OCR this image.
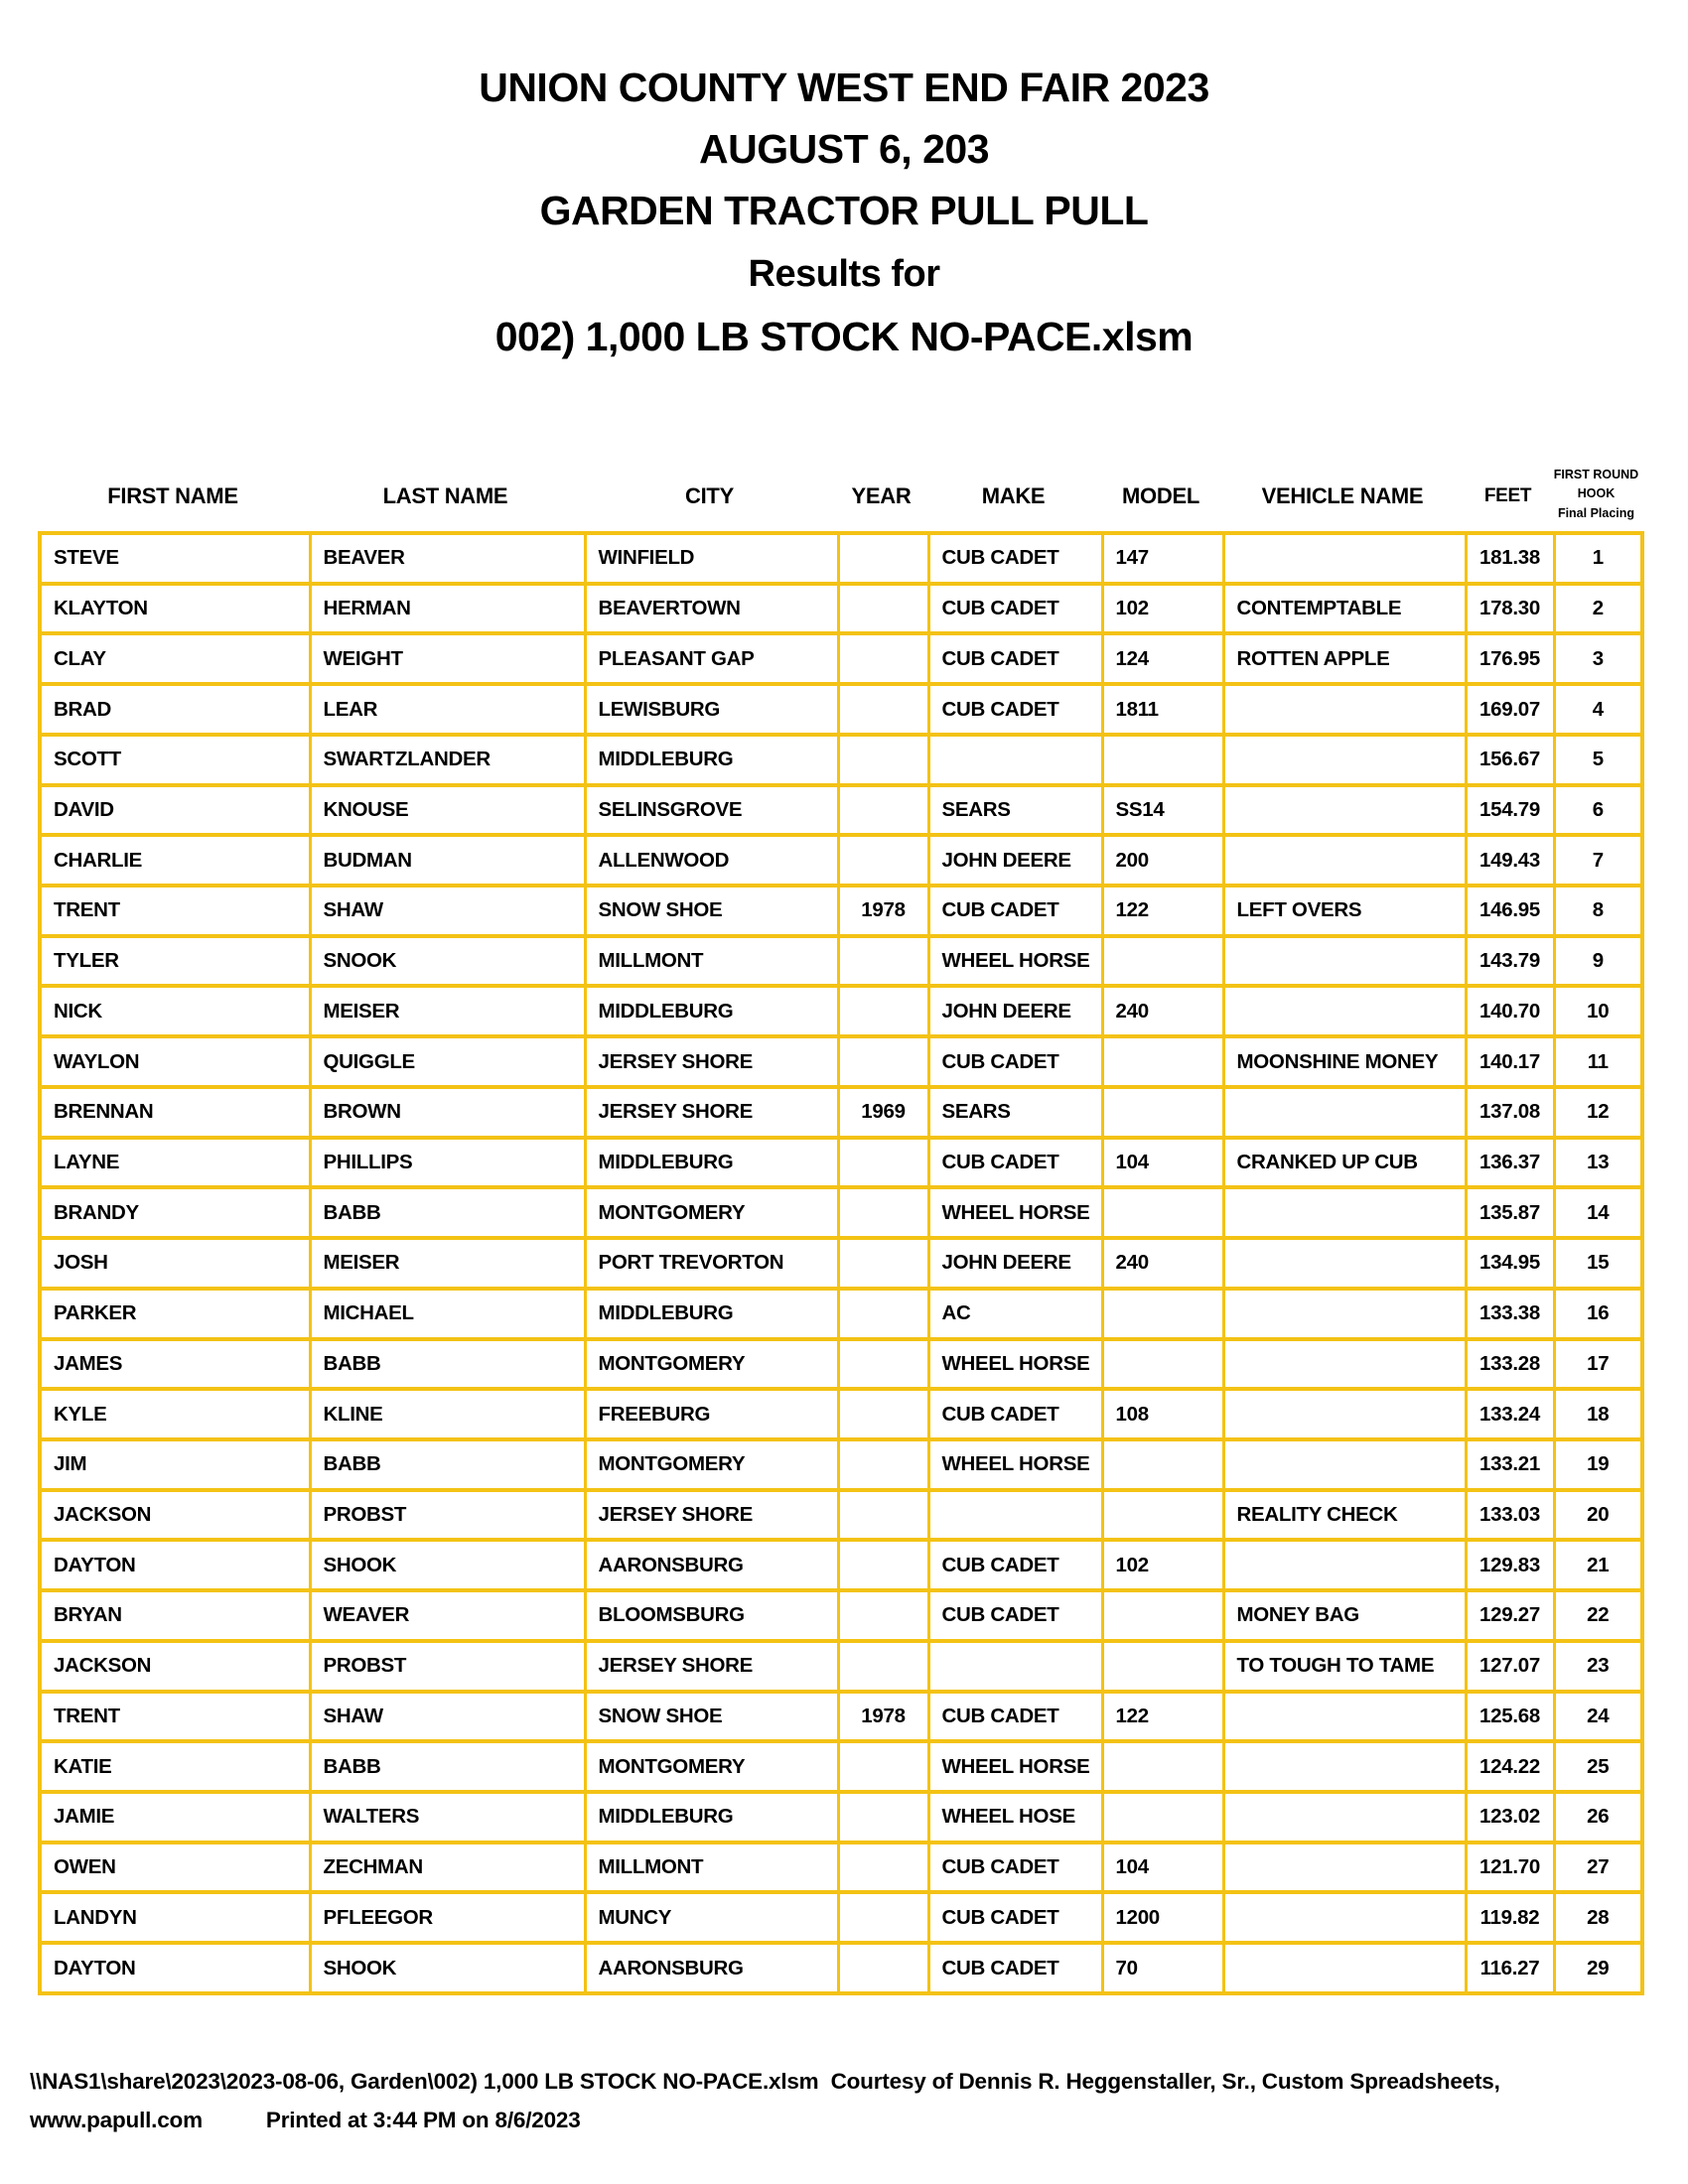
UNION COUNTY WEST END FAIR 2023
AUGUST 6, 203
GARDEN TRACTOR PULL PULL
Results for
002) 1,000 LB STOCK NO-PACE.xlsm
FIRST NAME	LAST NAME	CITY	YEAR	MAKE	MODEL	VEHICLE NAME	FEET
FIRST ROUND
HOOK
Final Placing
STEVE	BEAVER	WINFIELD		CUB CADET	147		181.38	1
KLAYTON	HERMAN	BEAVERTOWN		CUB CADET	102	CONTEMPTABLE	178.30	2
CLAY	WEIGHT	PLEASANT GAP		CUB CADET	124	ROTTEN APPLE	176.95	3
BRAD	LEAR	LEWISBURG		CUB CADET	1811		169.07	4
SCOTT	SWARTZLANDER	MIDDLEBURG					156.67	5
DAVID	KNOUSE	SELINSGROVE		SEARS	SS14		154.79	6
CHARLIE	BUDMAN	ALLENWOOD		JOHN DEERE	200		149.43	7
TRENT	SHAW	SNOW SHOE	1978	CUB CADET	122	LEFT OVERS	146.95	8
TYLER	SNOOK	MILLMONT		WHEEL HORSE			143.79	9
NICK	MEISER	MIDDLEBURG		JOHN DEERE	240		140.70	10
WAYLON	QUIGGLE	JERSEY SHORE		CUB CADET		MOONSHINE MONEY	140.17	11
BRENNAN	BROWN	JERSEY SHORE	1969	SEARS			137.08	12
LAYNE	PHILLIPS	MIDDLEBURG		CUB CADET	104	CRANKED UP CUB	136.37	13
BRANDY	BABB	MONTGOMERY		WHEEL HORSE			135.87	14
JOSH	MEISER	PORT TREVORTON		JOHN DEERE	240		134.95	15
PARKER	MICHAEL	MIDDLEBURG		AC			133.38	16
JAMES	BABB	MONTGOMERY		WHEEL HORSE			133.28	17
KYLE	KLINE	FREEBURG		CUB CADET	108		133.24	18
JIM	BABB	MONTGOMERY		WHEEL HORSE			133.21	19
JACKSON	PROBST	JERSEY SHORE				REALITY CHECK	133.03	20
DAYTON	SHOOK	AARONSBURG		CUB CADET	102		129.83	21
BRYAN	WEAVER	BLOOMSBURG		CUB CADET		MONEY BAG	129.27	22
JACKSON	PROBST	JERSEY SHORE				TO TOUGH TO TAME	127.07	23
TRENT	SHAW	SNOW SHOE	1978	CUB CADET	122		125.68	24
KATIE	BABB	MONTGOMERY		WHEEL HORSE			124.22	25
JAMIE	WALTERS	MIDDLEBURG		WHEEL HOSE			123.02	26
OWEN	ZECHMAN	MILLMONT		CUB CADET	104		121.70	27
LANDYN	PFLEEGOR	MUNCY		CUB CADET	1200		119.82	28
DAYTON	SHOOK	AARONSBURG		CUB CADET	70		116.27	29
\\NAS1\share\2023\2023-08-06, Garden\002) 1,000 LB STOCK NO-PACE.xlsm  Courtesy of Dennis R. Heggenstaller, Sr., Custom Spreadsheets,
www.papull.com	Printed at 3:44 PM on 8/6/2023
